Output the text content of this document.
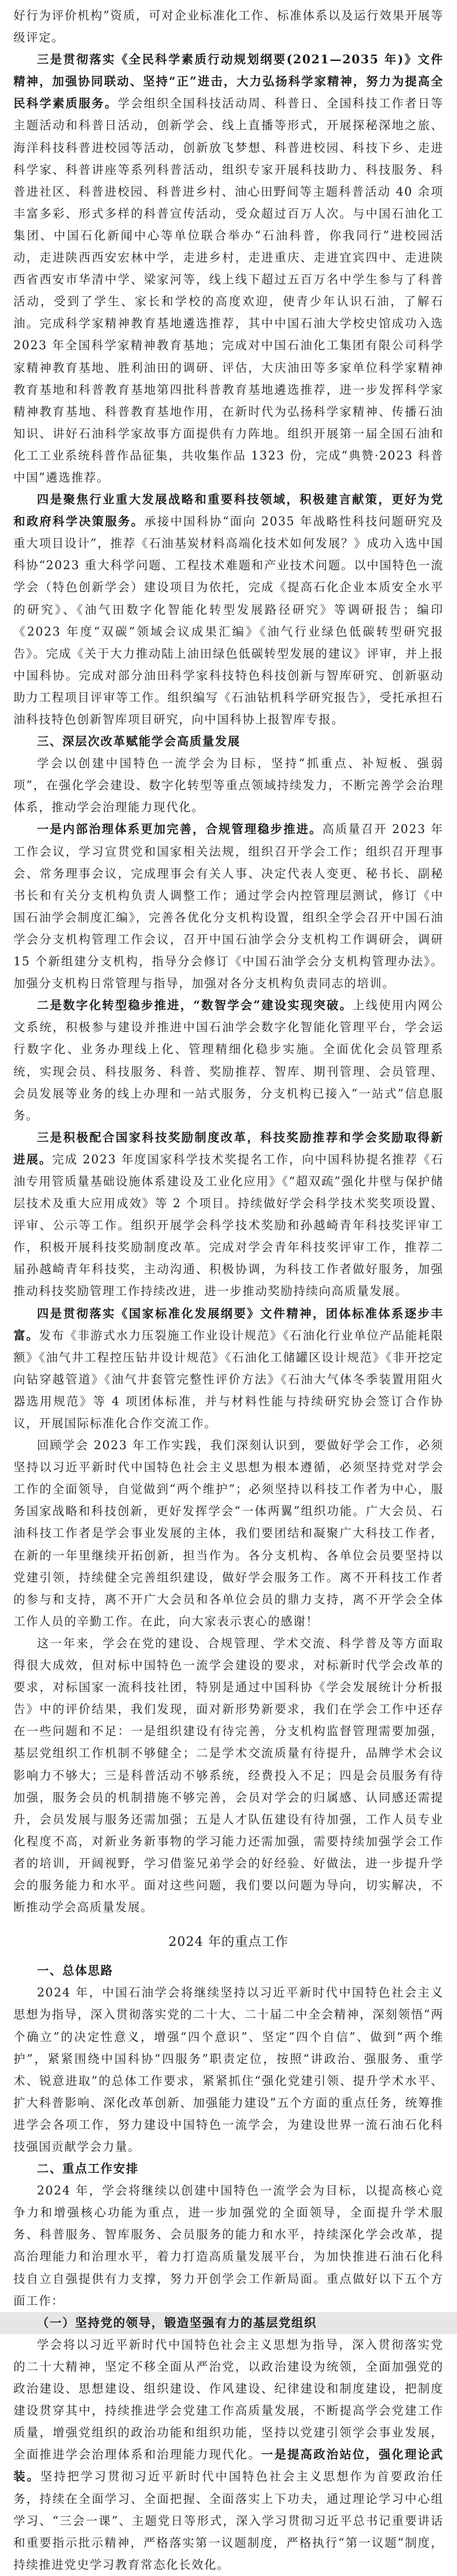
好行为评价机构”资质，可对企业标准化工作、标准体系以及运行效果开展等级评定。

三是贯彻落实《全民科学素质行动规划纲要(2021—2035 年)》文件精神，加强协同联动、坚持“正”进击，大力弘扬科学家精神，努力为提高全民科学素质服务。学会组织全国科技活动周、科普日、全国科技工作者日等主题活动和科普日活动，创新学会、线上直播等形式，开展探秘深地之旅、海洋科技科普进校园等活动，创新放飞梦想、科普进校园、科技下乡、走进科学家、科普讲座等系列科普活动，组织专家开展科技助力、科技服务、科普进社区、科普进校园、科普进乡村、油心田野间等主题科普活动 40 余项丰富多彩、形式多样的科普宣传活动，受众超过百万人次。与中国石油化工集团、中国石化新闻中心等单位联合举办“石油科普，你我同行”进校园活动，走进陕西西安宏林中学，走进乡村，走进重庆、走进宜宾四中、走进陕西省西安市华清中学、梁家河等，线上线下超过五百万名中学生参与了科普活动，受到了学生、家长和学校的高度欢迎，使青少年认识石油，了解石油。完成科学家精神教育基地遴选推荐，其中中国石油大学校史馆成功入选 2023 年全国科学家精神教育基地；完成对中国石油化工集团有限公司科学家精神教育基地、胜利油田的调研、评估，大庆油田等多家单位科学家精神教育基地和科普教育基地第四批科普教育基地遴选推荐，进一步发挥科学家精神教育基地、科普教育基地作用，在新时代为弘扬科学家精神、传播石油知识、讲好石油科学家故事方面提供有力阵地。组织开展第一届全国石油和化工工业系统科普作品征集，共收集作品 1323 份，完成“典赞·2023 科普中国”遴选推荐。

四是聚焦行业重大发展战略和重要科技领域，积极建言献策，更好为党和政府科学决策服务。承接中国科协“面向 2035 年战略性科技问题研究及重大项目设计”，推荐《石油基炭材料高端化技术如何发展？》成功入选中国科协“2023 重大科学问题、工程技术难题和产业技术问题。以中国特色一流学会（特色创新学会）建设项目为依托，完成《提高石化企业本质安全水平的研究》、《油气田数字化智能化转型发展路径研究》等调研报告；编印《2023 年度“双碳”领域会议成果汇编》《油气行业绿色低碳转型研究报告》。完成《关于大力推动陆上油田绿色低碳转型发展的建议》评审，并上报中国科协。完成对部分油田科学家科技特色科技创新与智库研究、创新驱动助力工程项目评审等工作。组织编写《石油钻机科学研究报告》，受托承担石油科技特色创新智库项目研究，向中国科协上报智库专报。

三、深层次改革赋能学会高质量发展

学会以创建中国特色一流学会为目标，坚持“抓重点、补短板、强弱项”，在强化学会建设、数字化转型等重点领域持续发力，不断完善学会治理体系，推动学会治理能力现代化。

一是内部治理体系更加完善，合规管理稳步推进。高质量召开 2023 年工作会议，学习宣贯党和国家相关法规，组织召开学会工作；组织召开理事会、常务理事会议，完成理事会有关人事、决定代表人变更、秘书长、副秘书长和有关分支机构负责人调整工作；通过学会内控管理层测试，修订《中国石油学会制度汇编》，完善各优化分支机构设置，组织全学会召开中国石油学会分支机构管理工作会议，召开中国石油学会分支机构工作调研会，调研 15 个新组建分支机构，指导分会修订《中国石油学会分支机构管理办法》。加强分支机构日常管理与指导，加强对各分支机构负责同志的培训。

二是数字化转型稳步推进，“数智学会”建设实现突破。上线使用内网公文系统，积极参与建设并推进中国石油学会数字化智能化管理平台，学会运行数字化、业务办理线上化、管理精细化稳步实施。全面优化会员管理系统，实现会员、科技服务、科普、奖励推荐、智库、期刊管理、会员管理、会员发展等业务的线上办理和一站式服务，分支机构已接入“一站式”信息服务。

三是积极配合国家科技奖励制度改革，科技奖励推荐和学会奖励取得新进展。完成 2023 年度国家科学技术奖提名工作，向中国科协提名推荐《石油专用管质量基础设施体系建设及工业化应用》《“超双疏”强化井壁与保护储层技术及重大应用成效》等 2 个项目。持续做好学会科学技术奖奖项设置、评审、公示等工作。组织开展学会科学技术奖励和孙越崎青年科技奖评审工作，积极开展科技奖励制度改革。完成对学会青年科技奖评审工作，推荐二届孙越崎青年科技奖，主动沟通、积极协调，为科技工作者做好服务，加强推动科技奖励管理工作持续改进，进一步推动奖励持续向高质量发展。

四是贯彻落实《国家标准化发展纲要》文件精神，团体标准体系逐步丰富。发布《非游式水力压裂施工作业设计规范》《石油化行业单位产品能耗限额》《油气井工程控压钻井设计规范》《石油化工储罐区设计规范》《非开挖定向钻穿越管道》《油气井套管完整性评价方法》《石油大气体冬季装置用阻火器选用规范》等 4 项团体标准，并与材料性能与持续研究协会签订合作协议，开展国际标准化合作交流工作。

回顾学会 2023 年工作实践，我们深刻认识到，要做好学会工作，必须坚持以习近平新时代中国特色社会主义思想为根本遵循，必须坚持党对学会工作的全面领导，自觉做到“两个维护”；必须坚持以科技工作者为中心，服务国家战略和科技创新，更好发挥学会“一体两翼”组织功能。广大会员、石油科技工作者是学会事业发展的主体，我们要团结和凝聚广大科技工作者，在新的一年里继续开拓创新，担当作为。各分支机构、各单位会员要坚持以党建引领，持续健全完善组织建设，做好学会服务工作。离不开科技工作者的参与和支持，离不开广大会员和各单位会员的鼎力支持，离不开学会全体工作人员的辛勤工作。在此，向大家表示衷心的感谢！

这一年来，学会在党的建设、合规管理、学术交流、科学普及等方面取得很大成效，但对标中国特色一流学会建设的要求，对标新时代学会改革的要求，对标国家一流科技社团，特别是通过中国科协《学会发展统计分析报告》中的评价结果，我们发现，面对新形势新要求，我们在学会工作中还存在一些问题和不足：一是组织建设有待完善，分支机构监督管理需要加强，基层党组织工作机制不够健全；二是学术交流质量有待提升，品牌学术会议影响力不够大；三是科普活动不够系统，经费投入不足；四是会员服务有待加强，服务会员的机制措施不够完善，会员对学会的归属感、认同感还需提升，会员发展与服务还需加强；五是人才队伍建设有待加强，工作人员专业化程度不高，对新业务新事物的学习能力还需加强，需要持续加强学会工作者的培训，开阔视野，学习借鉴兄弟学会的好经验、好做法，进一步提升学会的服务能力和水平。面对这些问题，我们要以问题为导向，切实解决，不断推动学会高质量发展。

2024 年的重点工作
一、总体思路

2024 年，中国石油学会将继续坚持以习近平新时代中国特色社会主义思想为指导，深入贯彻落实党的二十大、二十届二中全会精神，深刻领悟“两个确立”的决定性意义，增强“四个意识”、坚定“四个自信”、做到“两个维护”，紧紧围绕中国科协“四服务”职责定位，按照“讲政治、强服务、重学术、锐意进取”的总体工作要求，紧紧抓住“强化党建引领、提升学术水平、扩大科普影响、深化改革创新、加强能力建设”五个方面的重点任务，统筹推进学会各项工作，努力建设中国特色一流学会，为建设世界一流石油石化科技强国贡献学会力量。

二、重点工作安排

2024 年，学会将继续以创建中国特色一流学会为目标，以提高核心竞争力和增强核心功能为重点，进一步加强党的全面领导，全面提升学术服务、科普服务、智库服务、会员服务的能力和水平，持续深化学会改革，提高治理能力和治理水平，着力打造高质量发展平台，为加快推进石油石化科技自立自强提供有力支撑，努力开创学会工作新局面。重点做好以下五个方面工作：

（一）坚持党的领导，锻造坚强有力的基层党组织

学会将以习近平新时代中国特色社会主义思想为指导，深入贯彻落实党的二十大精神，坚定不移全面从严治党，以政治建设为统领，全面加强党的政治建设、思想建设、组织建设、作风建设、纪律建设和制度建设，把制度建设贯穿其中，持续推进学会党建工作高质量发展，不断提高学会党建工作质量，增强党组织的政治功能和组织功能，坚持以党建引领学会事业发展，全面推进学会治理体系和治理能力现代化。一是提高政治站位，强化理论武装。坚持把学习贯彻习近平新时代中国特色社会主义思想作为首要政治任务，持续在全面学习、全面把握、全面落实上下功夫，通过理论学习中心组学习、“三会一课”、主题党日等形式，深入学习贯彻习近平总书记重要讲话和重要指示批示精神，严格落实第一议题制度，严格执行“第一议题”制度，持续推进党史学习教育常态化长效化。
